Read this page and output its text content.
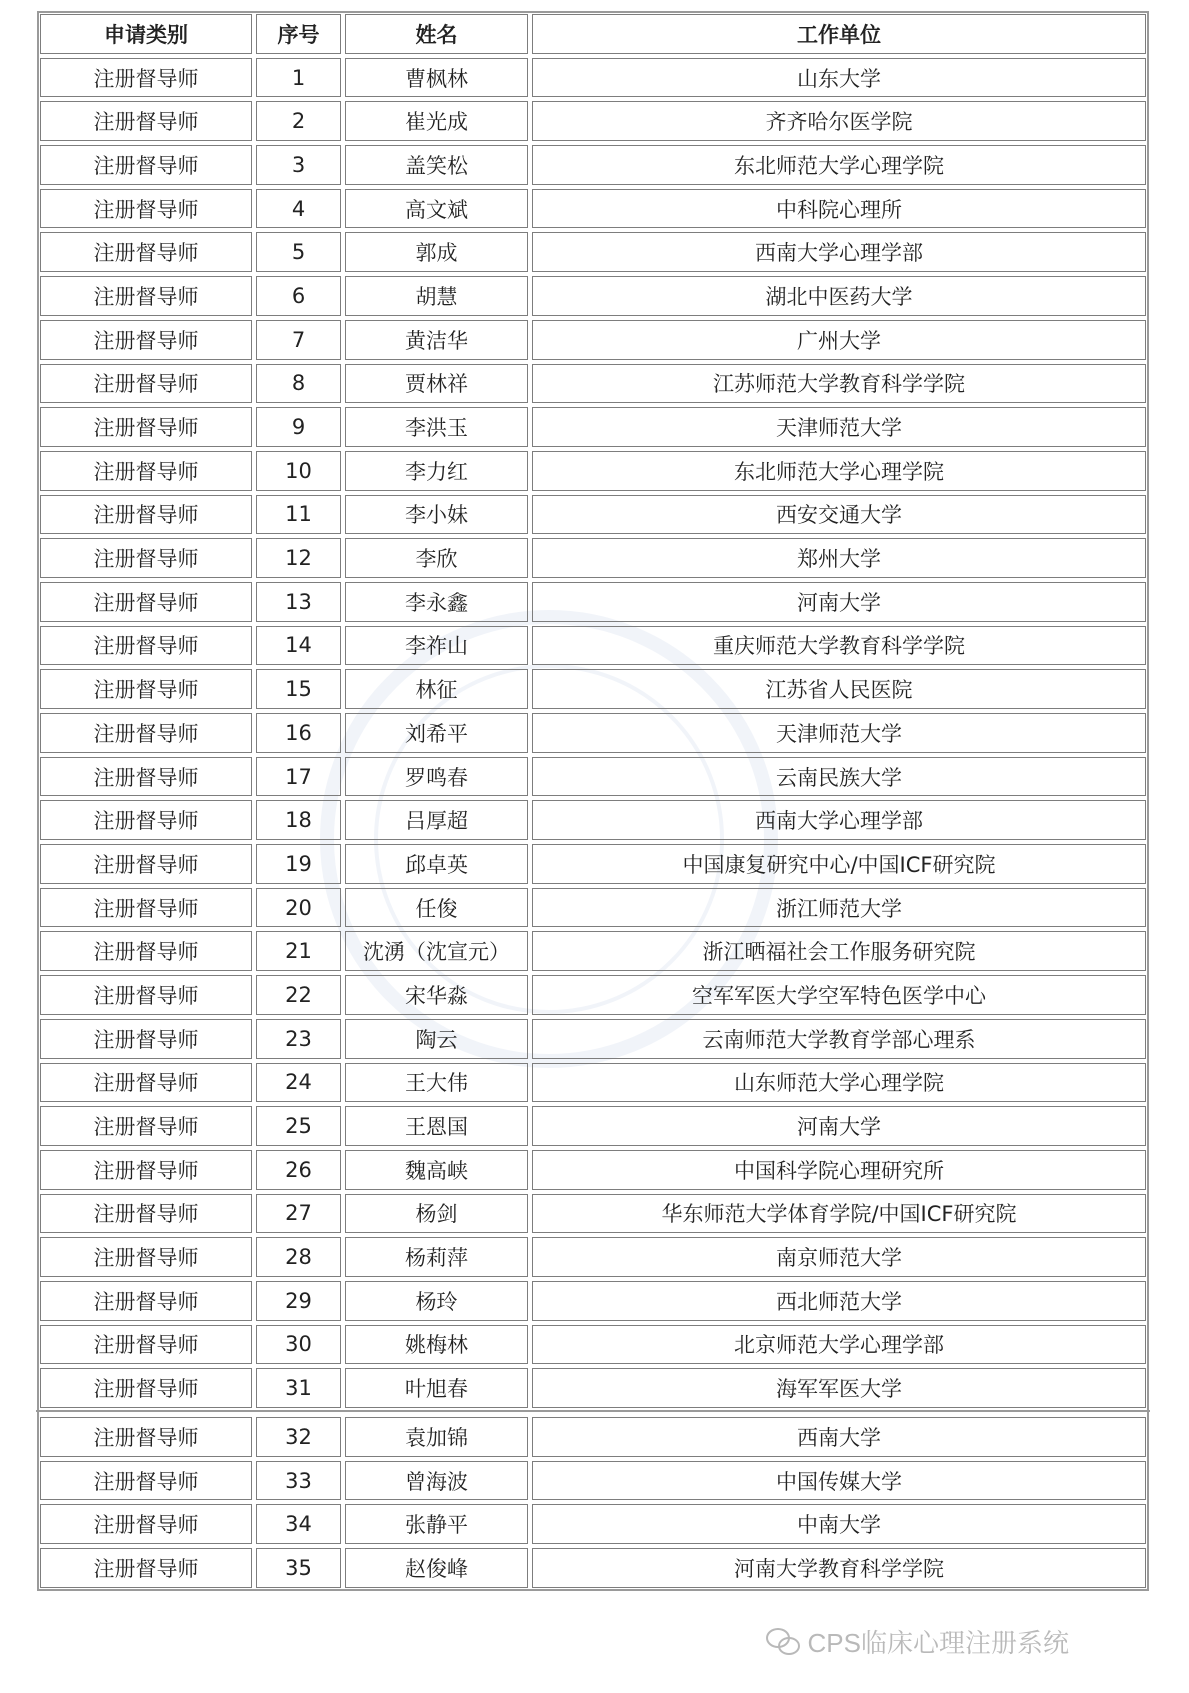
申请类别	序号	姓名	工作单位
注册督导师	1	曹枫林	山东大学
注册督导师	2	崔光成	齐齐哈尔医学院
注册督导师	3	盖笑松	东北师范大学心理学院
注册督导师	4	高文斌	中科院心理所
注册督导师	5	郭成	西南大学心理学部
注册督导师	6	胡慧	湖北中医药大学
注册督导师	7	黄洁华	广州大学
注册督导师	8	贾林祥	江苏师范大学教育科学学院
注册督导师	9	李洪玉	天津师范大学
注册督导师	10	李力红	东北师范大学心理学院
注册督导师	11	李小妹	西安交通大学
注册督导师	12	李欣	郑州大学
注册督导师	13	李永鑫	河南大学
注册督导师	14	李祚山	重庆师范大学教育科学学院
注册督导师	15	林征	江苏省人民医院
注册督导师	16	刘希平	天津师范大学
注册督导师	17	罗鸣春	云南民族大学
注册督导师	18	吕厚超	西南大学心理学部
注册督导师	19	邱卓英	中国康复研究中心/中国ICF研究院
注册督导师	20	任俊	浙江师范大学
注册督导师	21	沈湧（沈宣元）	浙江晒福社会工作服务研究院
注册督导师	22	宋华淼	空军军医大学空军特色医学中心
注册督导师	23	陶云	云南师范大学教育学部心理系
注册督导师	24	王大伟	山东师范大学心理学院
注册督导师	25	王恩国	河南大学
注册督导师	26	魏高峡	中国科学院心理研究所
注册督导师	27	杨剑	华东师范大学体育学院/中国ICF研究院
注册督导师	28	杨莉萍	南京师范大学
注册督导师	29	杨玲	西北师范大学
注册督导师	30	姚梅林	北京师范大学心理学部
注册督导师	31	叶旭春	海军军医大学
注册督导师	32	袁加锦	西南大学
注册督导师	33	曾海波	中国传媒大学
注册督导师	34	张静平	中南大学
注册督导师	35	赵俊峰	河南大学教育科学学院
CPS临床心理注册系统
